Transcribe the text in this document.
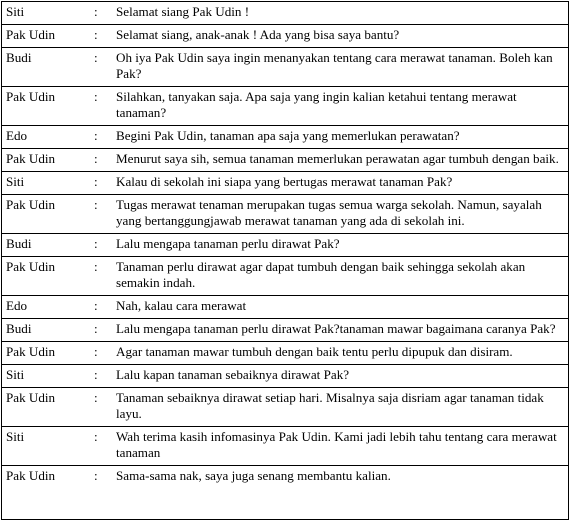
Siti	:	Selamat siang Pak Udin !
Pak Udin	:	Selamat siang, anak-anak ! Ada yang bisa saya bantu?
Budi	:	Oh iya Pak Udin saya ingin menanyakan tentang cara merawat tanaman. Boleh kan Pak?
Pak Udin	:	Silahkan, tanyakan saja. Apa saja yang ingin kalian ketahui tentang merawat tanaman?
Edo	:	Begini Pak Udin, tanaman apa saja yang memerlukan perawatan?
Pak Udin	:	Menurut saya sih, semua tanaman memerlukan perawatan agar tumbuh dengan baik.
Siti	:	Kalau di sekolah ini siapa yang bertugas merawat tanaman Pak?
Pak Udin	:	Tugas merawat tenaman merupakan tugas semua warga sekolah. Namun, sayalah yang bertanggungjawab merawat tanaman yang ada di sekolah ini.
Budi	:	Lalu mengapa tanaman perlu dirawat Pak?
Pak Udin	:	Tanaman perlu dirawat agar dapat tumbuh dengan baik sehingga sekolah akan semakin indah.
Edo	:	Nah, kalau cara merawat
Budi	:	Lalu mengapa tanaman perlu dirawat Pak?tanaman mawar bagaimana caranya Pak?
Pak Udin	:	Agar tanaman mawar tumbuh dengan baik tentu perlu dipupuk dan disiram.
Siti	:	Lalu kapan tanaman sebaiknya dirawat Pak?
Pak Udin	:	Tanaman sebaiknya dirawat setiap hari. Misalnya saja disriam agar tanaman tidak layu.
Siti	:	Wah terima kasih infomasinya Pak Udin. Kami jadi lebih tahu tentang cara merawat tanaman
Pak Udin	:	Sama-sama nak, saya juga senang membantu kalian.
